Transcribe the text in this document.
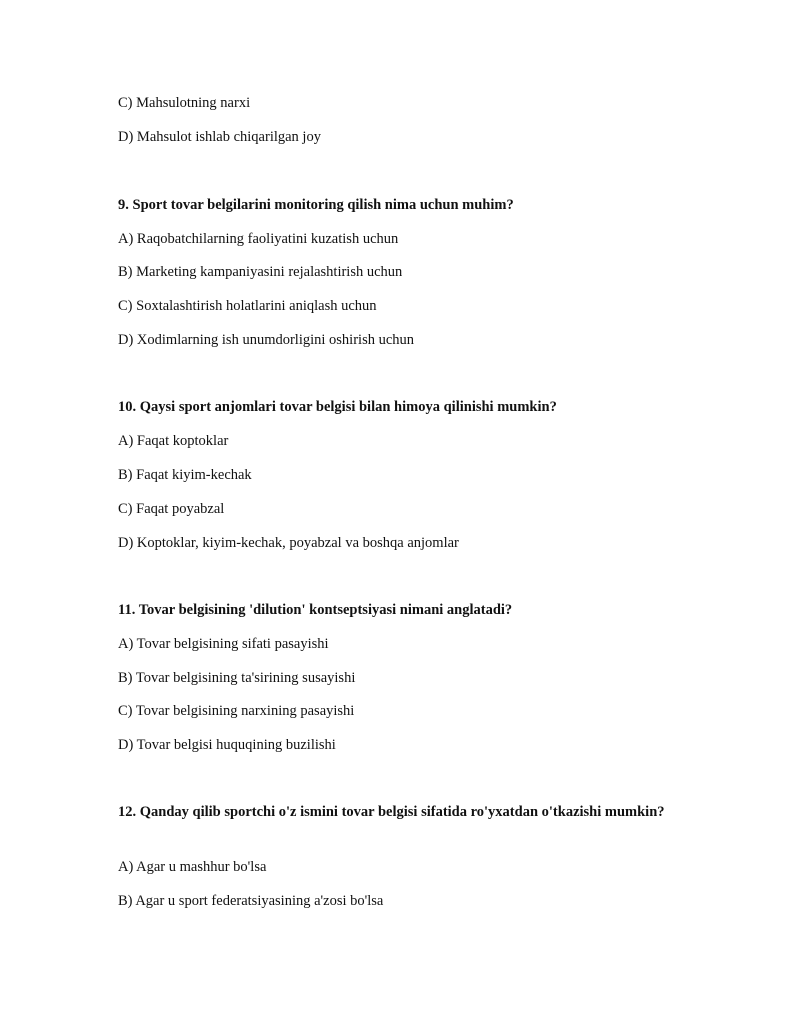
C) Mahsulotning narxi
D) Mahsulot ishlab chiqarilgan joy
9. Sport tovar belgilarini monitoring qilish nima uchun muhim?
A) Raqobatchilarning faoliyatini kuzatish uchun
B) Marketing kampaniyasini rejalashtirish uchun
C) Soxtalashtirish holatlarini aniqlash uchun
D) Xodimlarning ish unumdorligini oshirish uchun
10. Qaysi sport anjomlari tovar belgisi bilan himoya qilinishi mumkin?
A) Faqat koptoklar
B) Faqat kiyim-kechak
C) Faqat poyabzal
D) Koptoklar, kiyim-kechak, poyabzal va boshqa anjomlar
11. Tovar belgisining 'dilution' kontseptsiyasi nimani anglatadi?
A) Tovar belgisining sifati pasayishi
B) Tovar belgisining ta'sirining susayishi
C) Tovar belgisining narxining pasayishi
D) Tovar belgisi huquqining buzilishi
12. Qanday qilib sportchi o'z ismini tovar belgisi sifatida ro'yxatdan o'tkazishi mumkin?
A) Agar u mashhur bo'lsa
B) Agar u sport federatsiyasining a'zosi bo'lsa
